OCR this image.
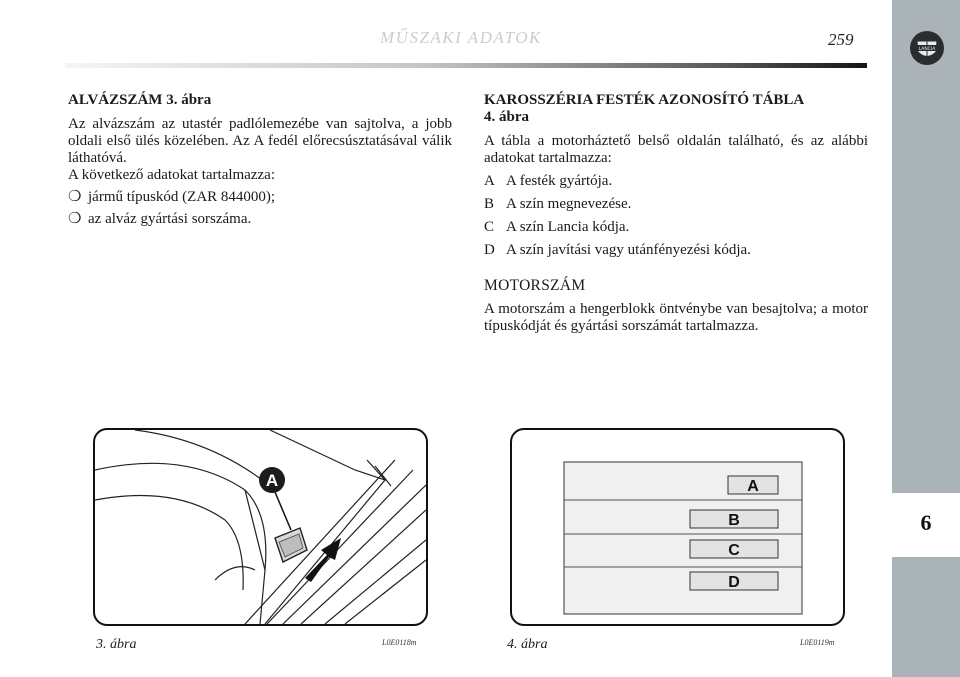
MŰSZAKI ADATOK	259
LANCIA
6
ALVÁZSZÁM 3. ábra

Az alvázszám az utastér padlólemezébe van sajtolva, a jobb oldali első ülés közelében. Az A fedél előrecsúsztatásával válik láthatóvá.

A következő adatokat tartalmazza:

❍ jármű típuskód (ZAR 844000);
❍ az alváz gyártási sorszáma.
KAROSSZÉRIA FESTÉK AZONOSÍTÓ TÁBLA
4. ábra

A tábla a motorháztető belső oldalán található, és az alábbi adatokat tartalmazza:

A A festék gyártója.
B A szín megnevezése.
C A szín Lancia kódja.
D A szín javítási vagy utánfényezési kódja.
MOTORSZÁM

A motorszám a hengerblokk öntvénybe van besajtolva; a motor típuskódját és gyártási sorszámát tartalmazza.

A
3. ábra	L0E0118m
A
B
C
D
4. ábra	L0E0119m
